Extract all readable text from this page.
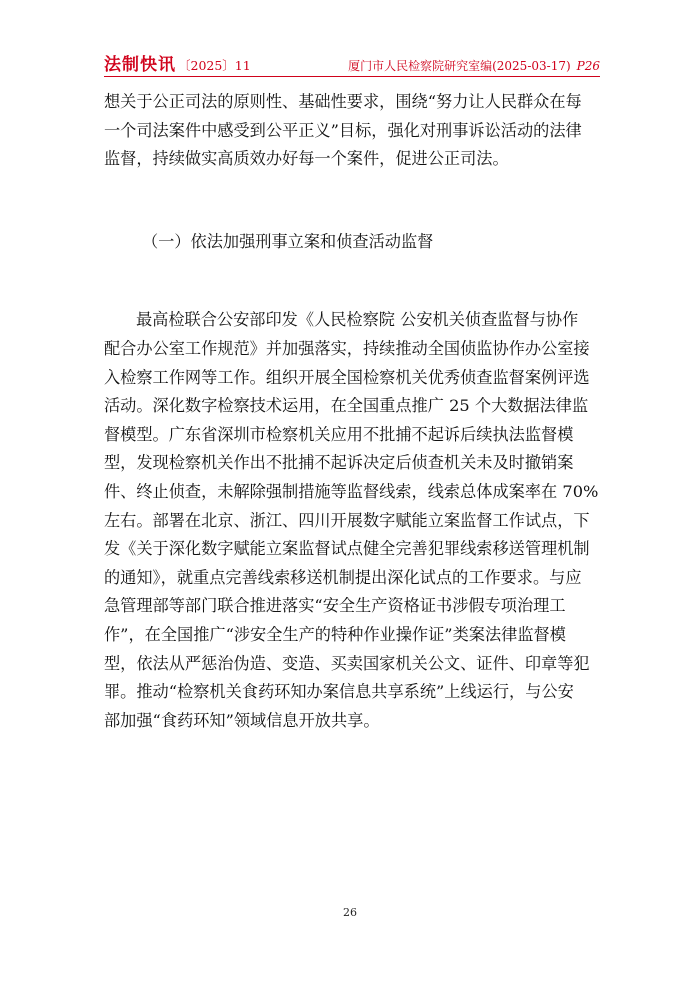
法制快讯 〔2025〕11	厦门市人民检察院研究室编(2025-03-17) P26
想关于公正司法的原则性、基础性要求，围绕“努力让人民群众在每
一个司法案件中感受到公平正义”目标，强化对刑事诉讼活动的法律
监督，持续做实高质效办好每一个案件，促进公正司法。
（一）依法加强刑事立案和侦查活动监督
最高检联合公安部印发《人民检察院 公安机关侦查监督与协作
配合办公室工作规范》并加强落实，持续推动全国侦监协作办公室接
入检察工作网等工作。组织开展全国检察机关优秀侦查监督案例评选
活动。深化数字检察技术运用，在全国重点推广 25 个大数据法律监
督模型。广东省深圳市检察机关应用不批捕不起诉后续执法监督模
型，发现检察机关作出不批捕不起诉决定后侦查机关未及时撤销案
件、终止侦查，未解除强制措施等监督线索，线索总体成案率在 70%
左右。部署在北京、浙江、四川开展数字赋能立案监督工作试点，下
发《关于深化数字赋能立案监督试点健全完善犯罪线索移送管理机制
的通知》，就重点完善线索移送机制提出深化试点的工作要求。与应
急管理部等部门联合推进落实“安全生产资格证书涉假专项治理工
作”，在全国推广“涉安全生产的特种作业操作证”类案法律监督模
型，依法从严惩治伪造、变造、买卖国家机关公文、证件、印章等犯
罪。推动“检察机关食药环知办案信息共享系统”上线运行，与公安
部加强“食药环知”领域信息开放共享。
26
